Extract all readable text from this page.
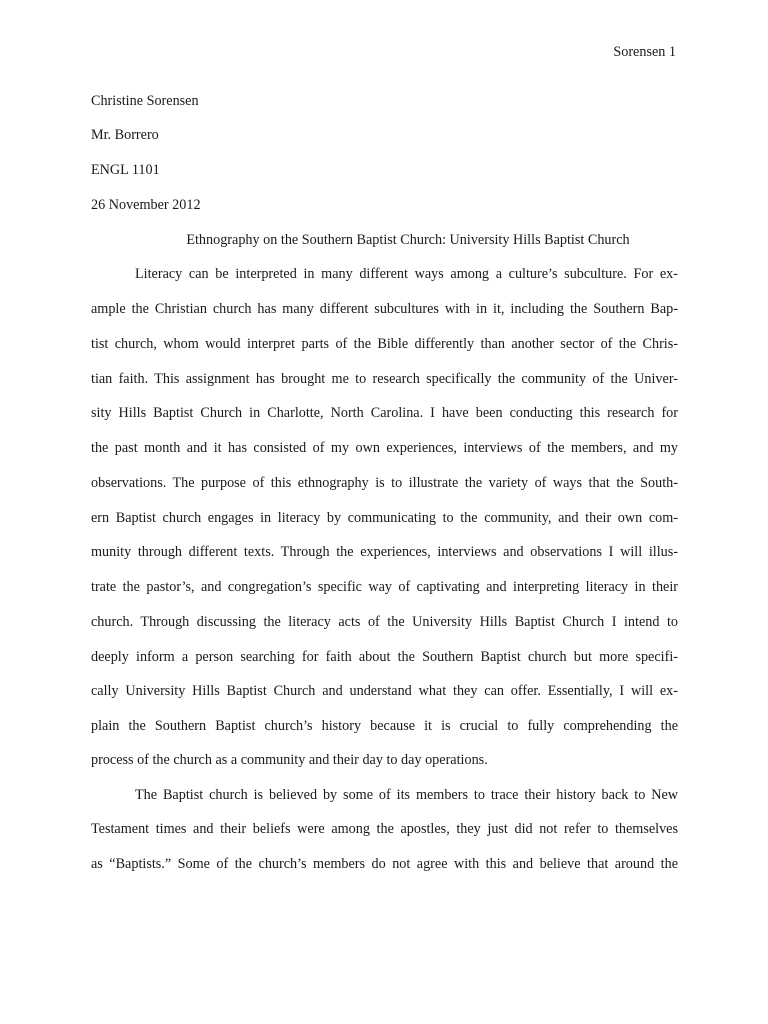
Sorensen 1
Christine Sorensen
Mr. Borrero
ENGL 1101
26 November 2012
Ethnography on the Southern Baptist Church: University Hills Baptist Church
Literacy can be interpreted in many different ways among a culture’s subculture. For ex-
ample the Christian church has many different subcultures with in it, including the Southern Bap-
tist church, whom would interpret parts of the Bible differently than another sector of the Chris-
tian faith. This assignment has brought me to research specifically the community of the Univer-
sity Hills Baptist Church in Charlotte, North Carolina. I have been conducting this research for
the past month and it has consisted of my own experiences, interviews of the members, and my
observations. The purpose of this ethnography is to illustrate the variety of ways that the South-
ern Baptist church engages in literacy by communicating to the community, and their own com-
munity through different texts. Through the experiences, interviews and observations I will illus-
trate the pastor’s, and congregation’s specific way of captivating and interpreting literacy in their
church. Through discussing the literacy acts of the University Hills Baptist Church I intend to
deeply inform a person searching for faith about the Southern Baptist church but more specifi-
cally University Hills Baptist Church and understand what they can offer. Essentially, I will ex-
plain the Southern Baptist church’s history because it is crucial to fully comprehending the
process of the church as a community and their day to day operations.
The Baptist church is believed by some of its members to trace their history back to New
Testament times and their beliefs were among the apostles, they just did not refer to themselves
as “Baptists.” Some of the church’s members do not agree with this and believe that around the
